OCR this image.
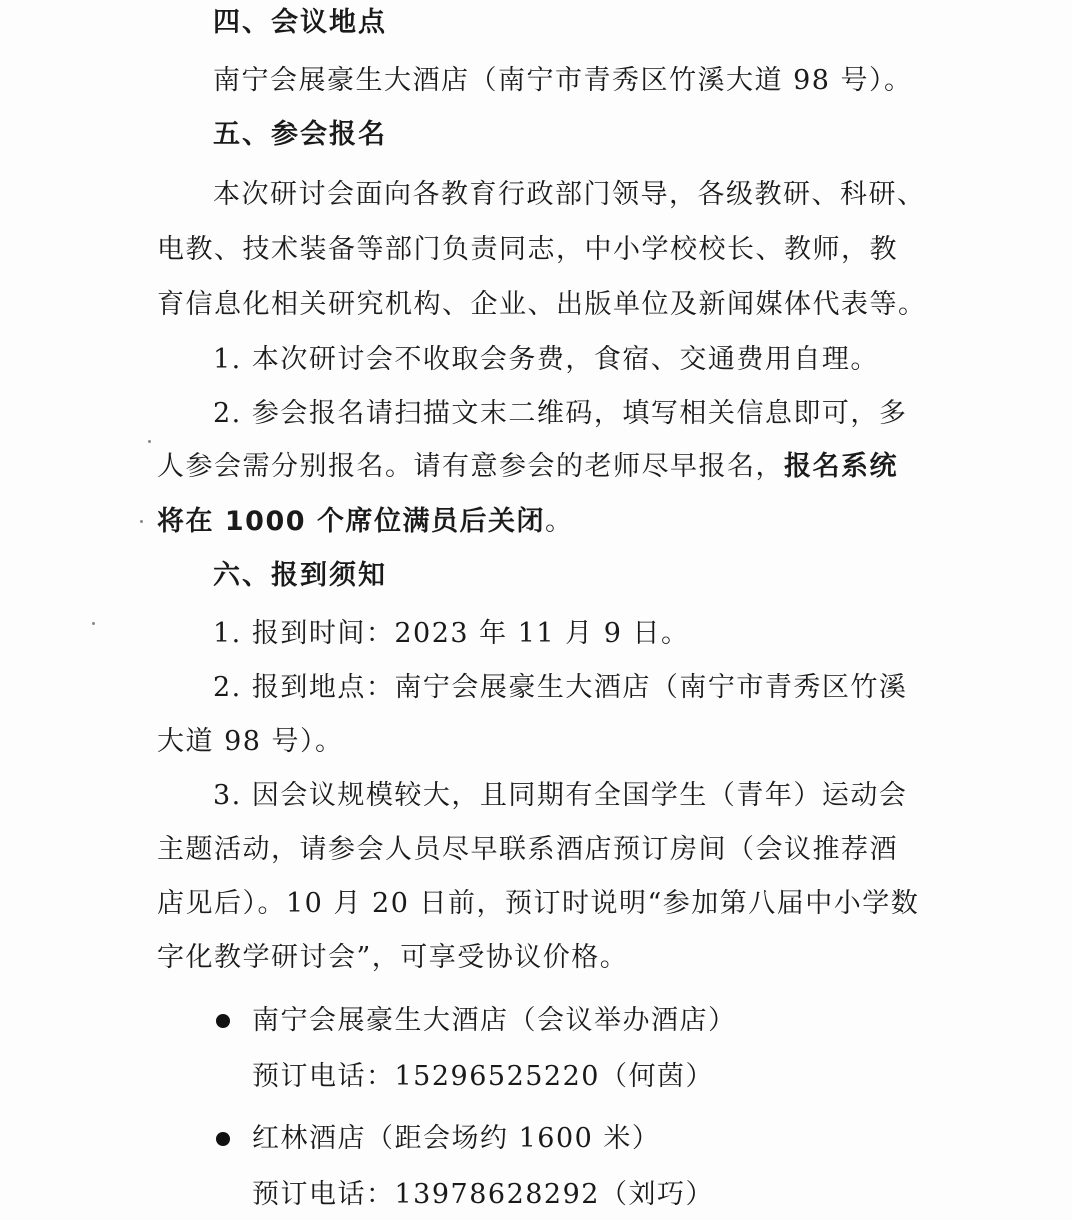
四、会议地点
南宁会展豪生大酒店（南宁市青秀区竹溪大道 98 号）。
五、参会报名
本次研讨会面向各教育行政部门领导，各级教研、科研、
电教、技术装备等部门负责同志，中小学校校长、教师，教
育信息化相关研究机构、企业、出版单位及新闻媒体代表等。
1. 本次研讨会不收取会务费，食宿、交通费用自理。
2. 参会报名请扫描文末二维码，填写相关信息即可，多
人参会需分别报名。请有意参会的老师尽早报名，报名系统
将在 1000 个席位满员后关闭。
六、报到须知
1. 报到时间：2023 年 11 月 9 日。
2. 报到地点：南宁会展豪生大酒店（南宁市青秀区竹溪
大道 98 号）。
3. 因会议规模较大，且同期有全国学生（青年）运动会
主题活动，请参会人员尽早联系酒店预订房间（会议推荐酒
店见后）。10 月 20 日前，预订时说明“参加第八届中小学数
字化教学研讨会”，可享受协议价格。
南宁会展豪生大酒店（会议举办酒店）
预订电话：15296525220（何茵）
红林酒店（距会场约 1600 米）
预订电话：13978628292（刘巧）
